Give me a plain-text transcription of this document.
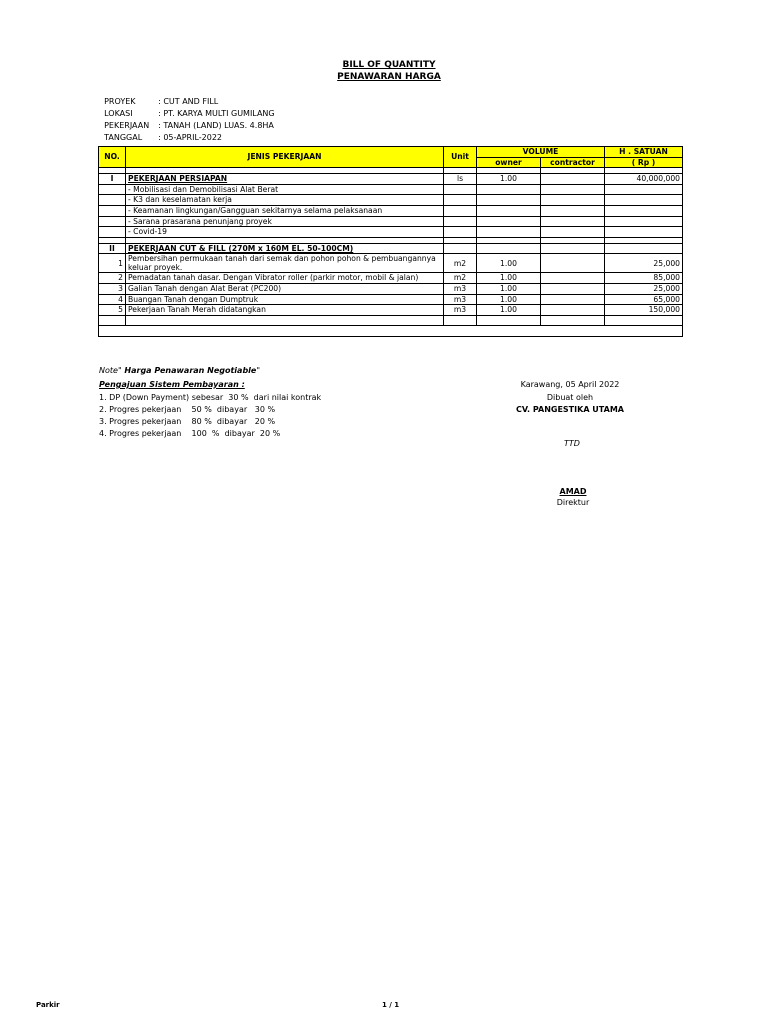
BILL OF QUANTITY
PENAWARAN HARGA

PROYEK	: CUT AND FILL

LOKASI	: PT. KARYA MULTI GUMILANG

PEKERJAAN : TANAH (LAND) LUAS. 4.8HA

TANGGAL : 05-APRIL-2022

NO.	JENIS PEKERJAAN	Unit	VOLUME		H . SATUAN
			owner	contractor	( Rp )

I	PEKERJAAN PERSIAPAN	ls	1.00		40,000,000
	- Mobilisasi dan Demobilisasi Alat Berat				
	- K3 dan keselamatan kerja				
	- Keamanan lingkungan/Gangguan sekitarnya selama pelaksanaan				
	- Sarana prasarana penunjang proyek				
	- Covid-19				

II	PEKERJAAN CUT & FILL (270M x 160M EL. 50-100CM)				
1	Pembersihan permukaan tanah dari semak dan pohon pohon & pembuangannya keluar proyek.	m2	1.00		25,000
2	Pemadatan tanah dasar. Dengan Vibrator roller (parkir motor, mobil & jalan)	m2	1.00		85,000
3	Galian Tanah dengan Alat Berat (PC200)	m3	1.00		25,000
4	Buangan Tanah dengan Dumptruk	m3	1.00		65,000
5	Pekerjaan Tanah Merah didatangkan	m3	1.00		150,000

Note" Harga Penawaran Negotiable"
Pengajuan Sistem Pembayaran :
1. DP (Down Payment) sebesar  30 %  dari nilai kontrak
2. Progres pekerjaan    50 %  dibayar   30 %
3. Progres pekerjaan    80 %  dibayar   20 %
4. Progres pekerjaan    100  %  dibayar  20 %
Karawang, 05 April 2022
Dibuat oleh
CV. PANGESTIKA UTAMA
TTD
AMAD
Direktur
Parkir	1 / 1
